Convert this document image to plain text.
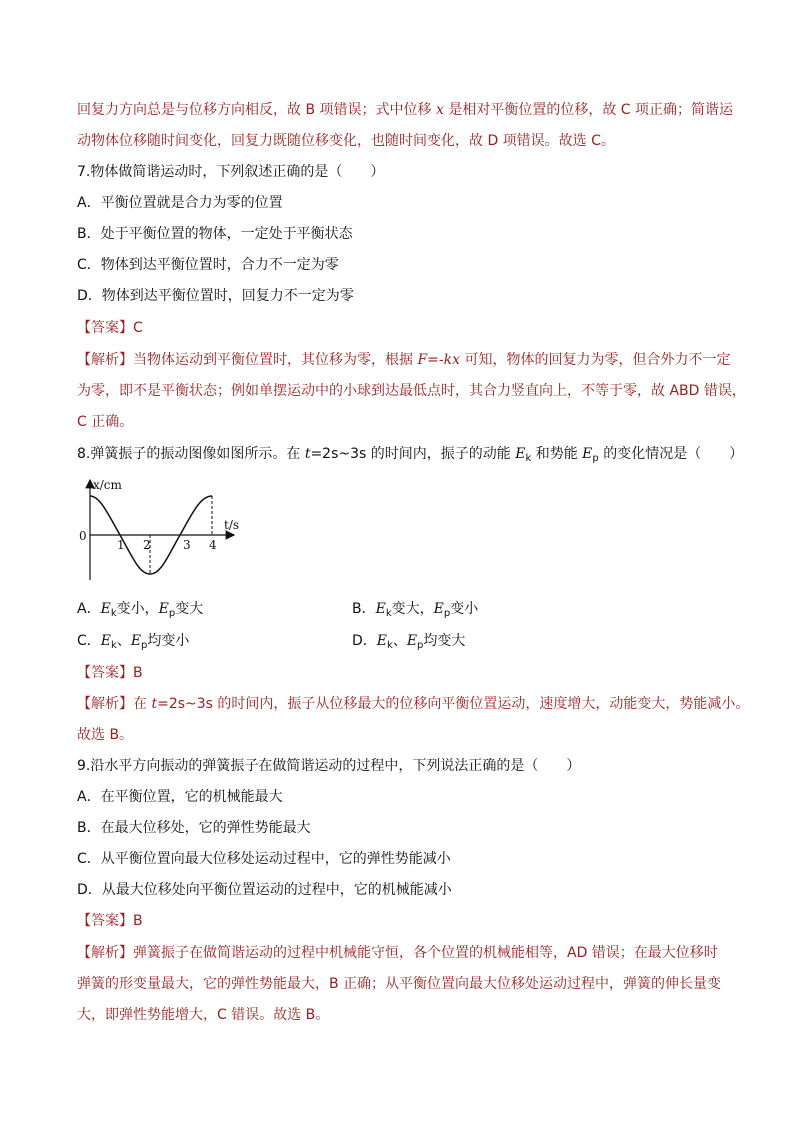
回复力方向总是与位移方向相反，故 B 项错误；式中位移 x 是相对平衡位置的位移，故 C 项正确；简谐运
动物体位移随时间变化，回复力既随位移变化，也随时间变化，故 D 项错误。故选 C。
7.物体做简谐运动时，下列叙述正确的是（　　）
A．平衡位置就是合力为零的位置
B．处于平衡位置的物体，一定处于平衡状态
C．物体到达平衡位置时，合力不一定为零
D．物体到达平衡位置时，回复力不一定为零
【答案】C
【解析】当物体运动到平衡位置时，其位移为零，根据 F=-kx 可知，物体的回复力为零，但合外力不一定
为零，即不是平衡状态；例如单摆运动中的小球到达最低点时，其合力竖直向上，不等于零，故 ABD 错误，
C 正确。
8.弹簧振子的振动图像如图所示。在 t=2s~3s 的时间内，振子的动能 $E_k$ 和势能 $E_p$ 的变化情况是（　　）
x/cm
t/s
0
1 2	3 4
A．$E_k$变小，$E_p$变大	B．$E_k$变大，$E_p$变小
C．$E_k$、$E_p$均变小	D．$E_k$、$E_p$均变大
【答案】B
【解析】在 t=2s~3s 的时间内，振子从位移最大的位移向平衡位置运动，速度增大，动能变大，势能减小。
故选 B。
9.沿水平方向振动的弹簧振子在做简谐运动的过程中，下列说法正确的是（　　）
A．在平衡位置，它的机械能最大
B．在最大位移处，它的弹性势能最大
C．从平衡位置向最大位移处运动过程中，它的弹性势能减小
D．从最大位移处向平衡位置运动的过程中，它的机械能减小
【答案】B
【解析】弹簧振子在做简谐运动的过程中机械能守恒，各个位置的机械能相等，AD 错误；在最大位移时
弹簧的形变量最大，它的弹性势能最大，B 正确；从平衡位置向最大位移处运动过程中，弹簧的伸长量变
大，即弹性势能增大，C 错误。故选 B。
